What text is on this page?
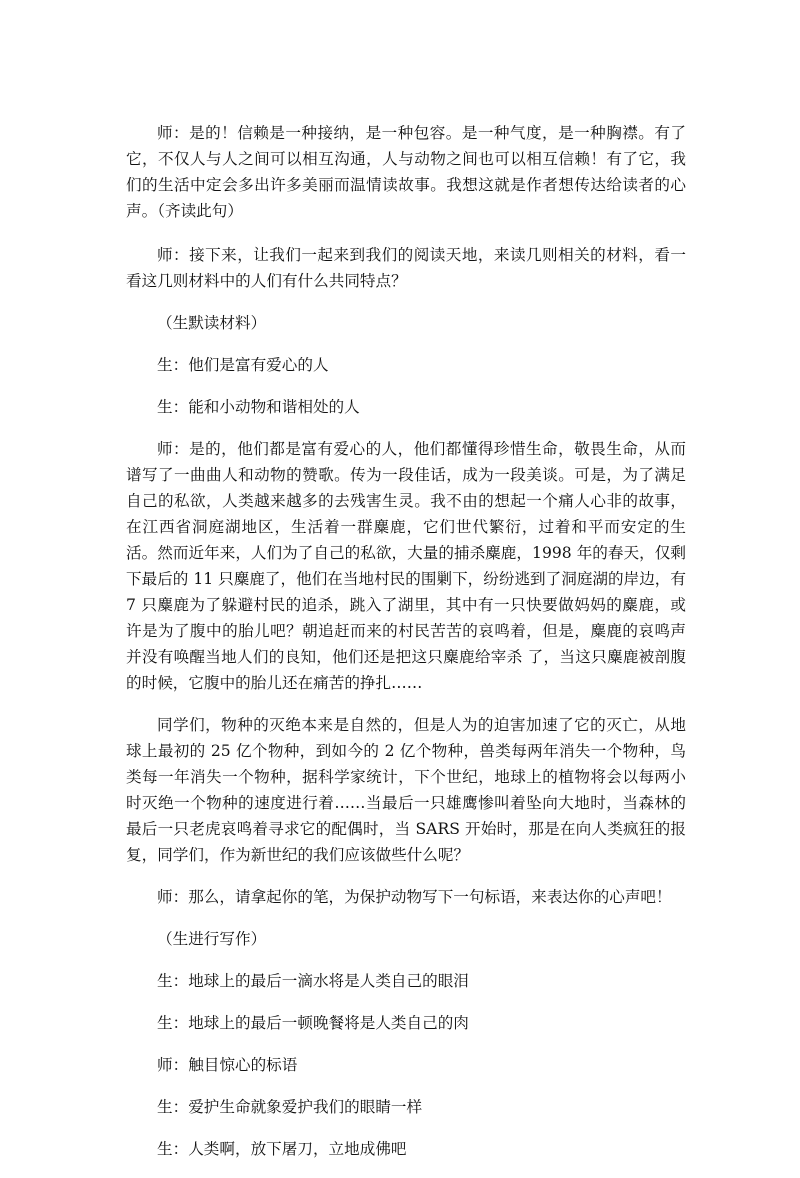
师：是的！信赖是一种接纳，是一种包容。是一种气度，是一种胸襟。有了它，不仅人与人之间可以相互沟通，人与动物之间也可以相互信赖！有了它，我们的生活中定会多出许多美丽而温情读故事。我想这就是作者想传达给读者的心声。（齐读此句）

师：接下来，让我们一起来到我们的阅读天地，来读几则相关的材料，看一看这几则材料中的人们有什么共同特点？

（生默读材料）

生：他们是富有爱心的人

生：能和小动物和谐相处的人

师：是的，他们都是富有爱心的人，他们都懂得珍惜生命，敬畏生命，从而谱写了一曲曲人和动物的赞歌。传为一段佳话，成为一段美谈。可是，为了满足自己的私欲，人类越来越多的去残害生灵。我不由的想起一个痛人心非的故事，在江西省洞庭湖地区，生活着一群麋鹿，它们世代繁衍，过着和平而安定的生活。然而近年来，人们为了自己的私欲，大量的捕杀麋鹿，1998 年的春天，仅剩下最后的 11 只麋鹿了，他们在当地村民的围剿下，纷纷逃到了洞庭湖的岸边，有 7 只麋鹿为了躲避村民的追杀，跳入了湖里，其中有一只快要做妈妈的麋鹿，或许是为了腹中的胎儿吧？朝追赶而来的村民苦苦的哀鸣着，但是，麋鹿的哀鸣声并没有唤醒当地人们的良知，他们还是把这只麋鹿给宰杀 了，当这只麋鹿被剖腹的时候，它腹中的胎儿还在痛苦的挣扎……

同学们，物种的灭绝本来是自然的，但是人为的迫害加速了它的灭亡，从地球上最初的 25 亿个物种，到如今的 2 亿个物种，兽类每两年消失一个物种，鸟类每一年消失一个物种，据科学家统计，下个世纪，地球上的植物将会以每两小时灭绝一个物种的速度进行着……当最后一只雄鹰惨叫着坠向大地时，当森林的最后一只老虎哀鸣着寻求它的配偶时，当 SARS 开始时，那是在向人类疯狂的报复，同学们，作为新世纪的我们应该做些什么呢？

师：那么，请拿起你的笔，为保护动物写下一句标语，来表达你的心声吧！

（生进行写作）

生：地球上的最后一滴水将是人类自己的眼泪

生：地球上的最后一顿晚餐将是人类自己的肉

师：触目惊心的标语

生：爱护生命就象爱护我们的眼睛一样

生：人类啊，放下屠刀，立地成佛吧
